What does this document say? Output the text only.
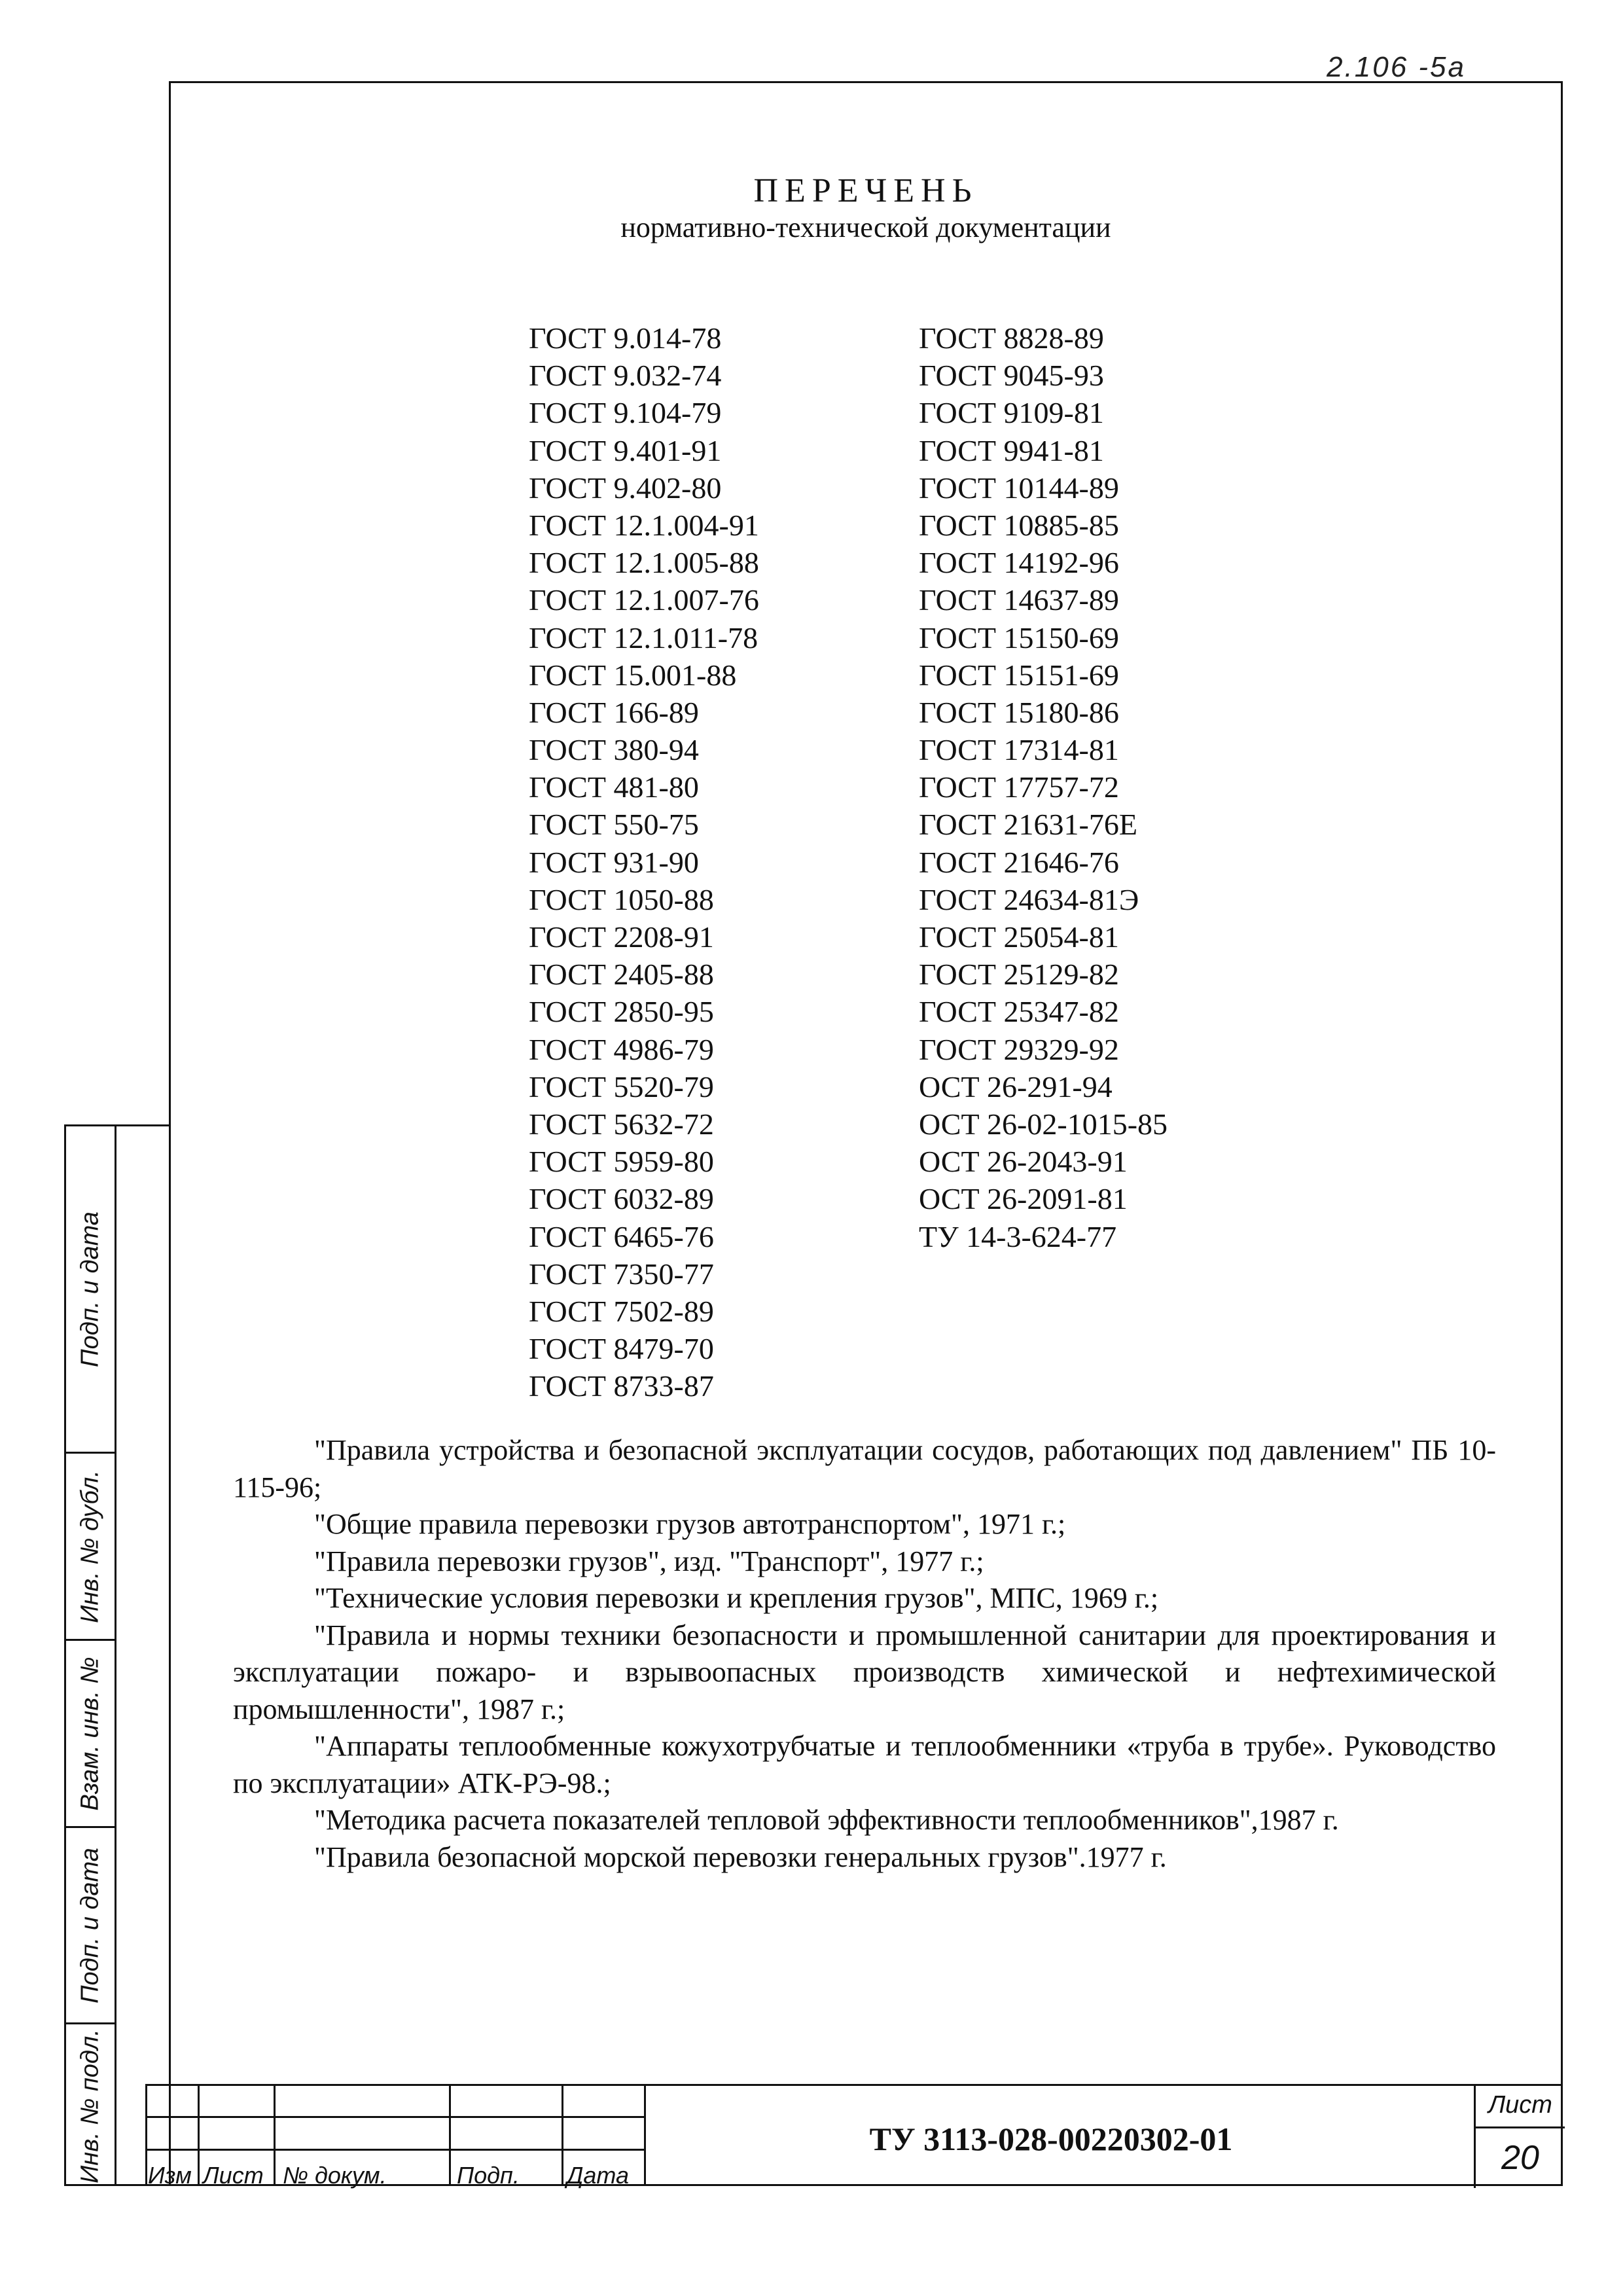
2.106 -5а
Подп. и дата
Инв. № дубл.
Взам. инв. №
Подп. и дата
Инв. № подл.
ПЕРЕЧЕНЬ
нормативно-технической документации
ГОСТ 9.014-78
ГОСТ 9.032-74
ГОСТ 9.104-79
ГОСТ 9.401-91
ГОСТ 9.402-80
ГОСТ 12.1.004-91
ГОСТ 12.1.005-88
ГОСТ 12.1.007-76
ГОСТ 12.1.011-78
ГОСТ 15.001-88
ГОСТ 166-89
ГОСТ 380-94
ГОСТ 481-80
ГОСТ 550-75
ГОСТ 931-90
ГОСТ 1050-88
ГОСТ 2208-91
ГОСТ 2405-88
ГОСТ 2850-95
ГОСТ 4986-79
ГОСТ 5520-79
ГОСТ 5632-72
ГОСТ 5959-80
ГОСТ 6032-89
ГОСТ 6465-76
ГОСТ 7350-77
ГОСТ 7502-89
ГОСТ 8479-70
ГОСТ 8733-87
ГОСТ 8828-89
ГОСТ 9045-93
ГОСТ 9109-81
ГОСТ 9941-81
ГОСТ 10144-89
ГОСТ 10885-85
ГОСТ 14192-96
ГОСТ 14637-89
ГОСТ 15150-69
ГОСТ 15151-69
ГОСТ 15180-86
ГОСТ 17314-81
ГОСТ 17757-72
ГОСТ 21631-76Е
ГОСТ 21646-76
ГОСТ 24634-81Э
ГОСТ 25054-81
ГОСТ 25129-82
ГОСТ 25347-82
ГОСТ 29329-92
ОСТ 26-291-94
ОСТ 26-02-1015-85
ОСТ 26-2043-91
ОСТ 26-2091-81
ТУ 14-3-624-77

"Правила устройства и безопасной эксплуатации сосудов, работающих под давлением" ПБ 10-115-96;

"Общие правила перевозки грузов автотранспортом", 1971 г.;

"Правила перевозки грузов", изд. "Транспорт", 1977 г.;

"Технические условия перевозки и крепления грузов", МПС, 1969 г.;

"Правила и нормы техники безопасности и промышленной санитарии для проектирования и эксплуатации пожаро- и взрывоопасных производств химической и нефтехимической промышленности", 1987 г.;

"Аппараты теплообменные кожухотрубчатые и теплообменники «труба в трубе». Руководство по эксплуатации» АТК-РЭ-98.;

"Методика расчета показателей тепловой эффективности теплообменников",1987 г.

"Правила безопасной морской перевозки генеральных грузов".1977 г.

Изм Лист № докум.	Подп. Дата
ТУ 3113-028-00220302-01
Лист
20
